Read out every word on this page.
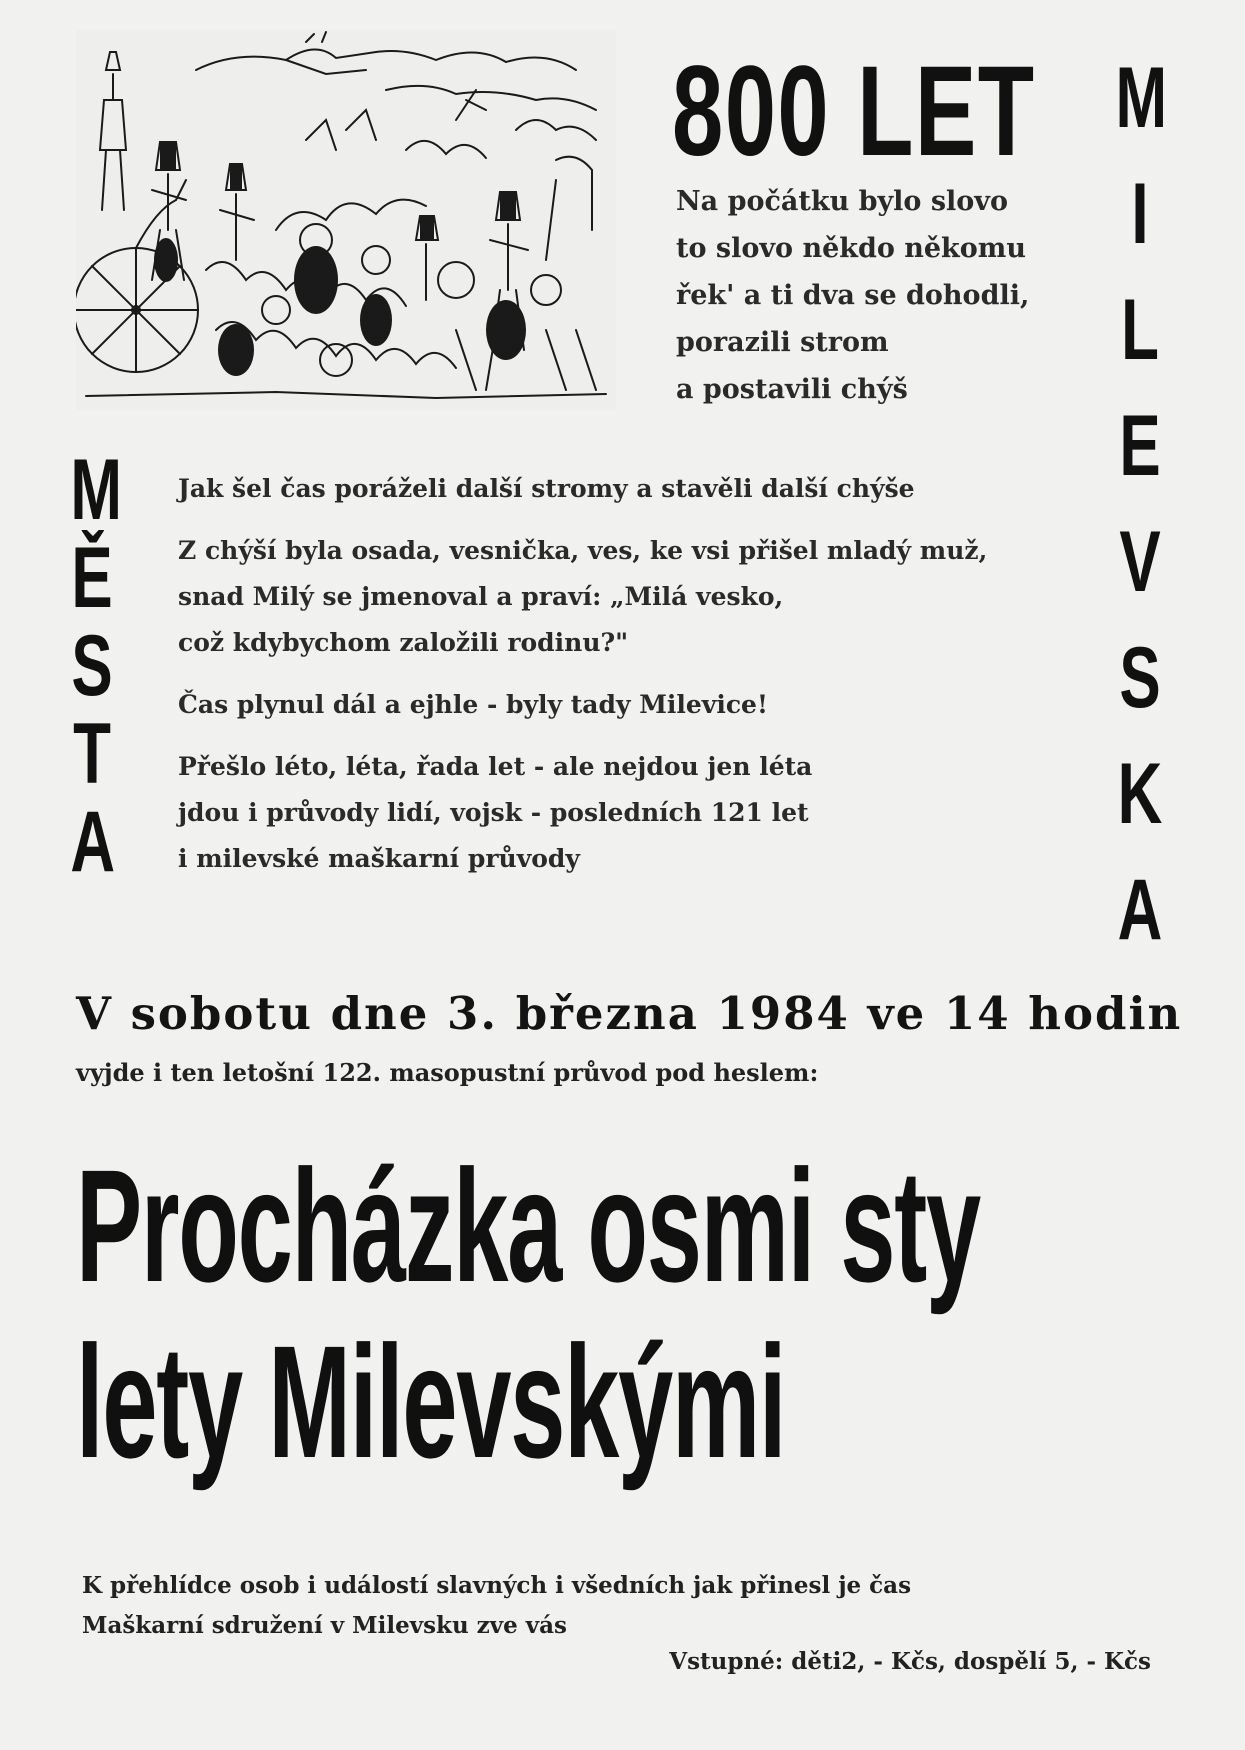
800 LET
Na počátku bylo slovo
to slovo někdo někomu
řek' a ti dva se dohodli,
porazili strom
a postavili chýš
M
Ě
S
T
A
M
I
L
E
V
S
K
A
Jak šel čas poráželi další stromy a stavěli další chýše
Z chýší byla osada, vesnička, ves, ke vsi přišel mladý muž,
snad Milý se jmenoval a praví: „Milá vesko,
což kdybychom založili rodinu?"
Čas plynul dál a ejhle - byly tady Milevice!
Přešlo léto, léta, řada let - ale nejdou jen léta
jdou i průvody lidí, vojsk - posledních 121 let
i milevské maškarní průvody
V sobotu dne 3. března 1984 ve 14 hodin
vyjde i ten letošní 122. masopustní průvod pod heslem:
Procházka osmi sty
lety Milevskými
K přehlídce osob i událostí slavných i všedních jak přinesl je čas
Maškarní sdružení v Milevsku zve vás
Vstupné: děti2, - Kčs, dospělí 5, - Kčs
